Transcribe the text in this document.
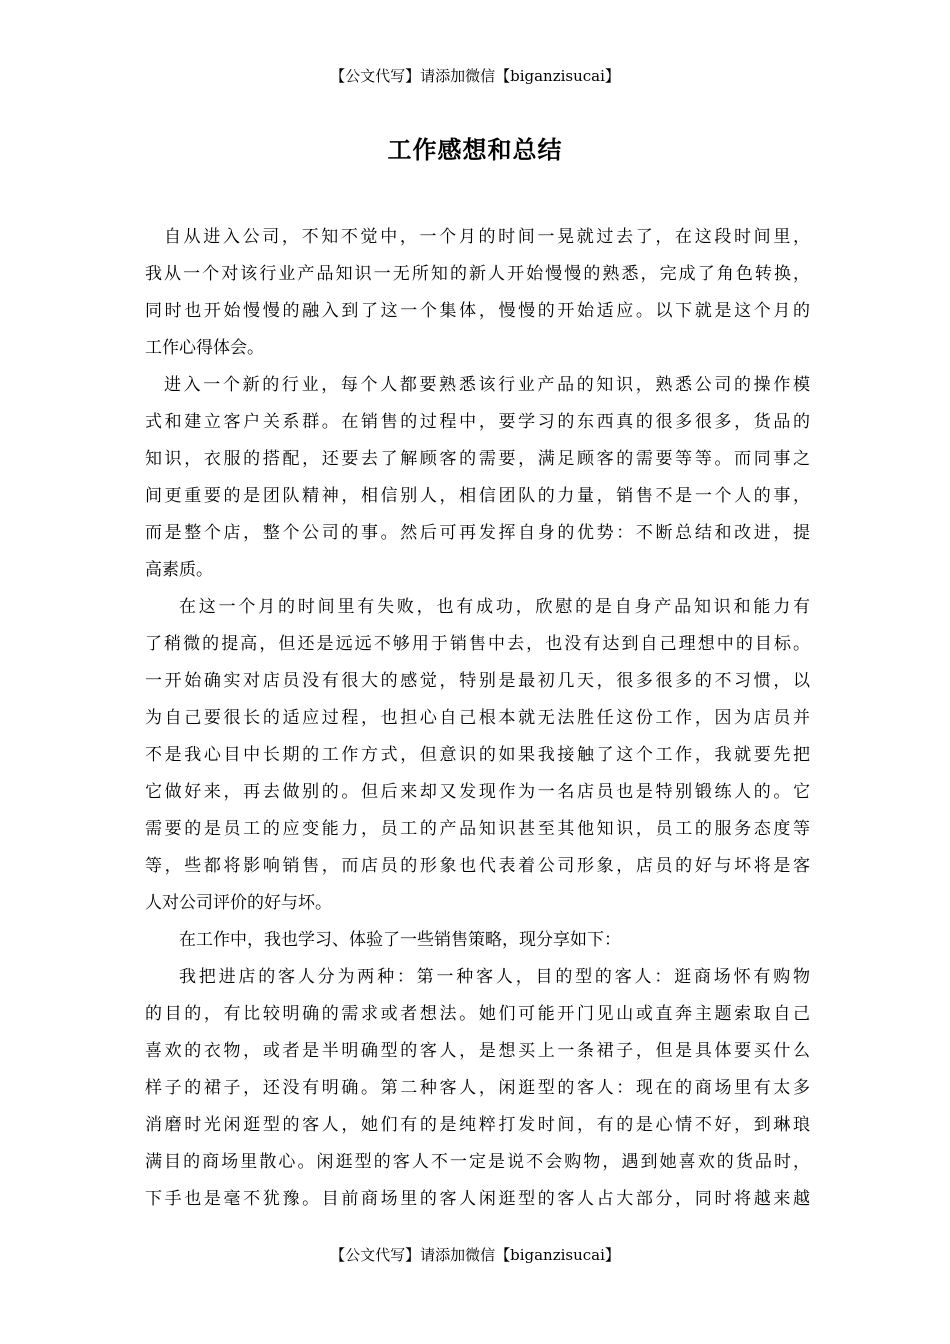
【公文代写】请添加微信【biganzisucai】
工作感想和总结
自从进入公司，不知不觉中，一个月的时间一晃就过去了，在这段时间里，
我从一个对该行业产品知识一无所知的新人开始慢慢的熟悉，完成了角色转换，
同时也开始慢慢的融入到了这一个集体，慢慢的开始适应。以下就是这个月的
工作心得体会。
进入一个新的行业，每个人都要熟悉该行业产品的知识，熟悉公司的操作模
式和建立客户关系群。在销售的过程中，要学习的东西真的很多很多，货品的
知识，衣服的搭配，还要去了解顾客的需要，满足顾客的需要等等。而同事之
间更重要的是团队精神，相信别人，相信团队的力量，销售不是一个人的事，
而是整个店，整个公司的事。然后可再发挥自身的优势：不断总结和改进，提
高素质。
在这一个月的时间里有失败，也有成功，欣慰的是自身产品知识和能力有
了稍微的提高，但还是远远不够用于销售中去，也没有达到自己理想中的目标。
一开始确实对店员没有很大的感觉，特别是最初几天，很多很多的不习惯，以
为自己要很长的适应过程，也担心自己根本就无法胜任这份工作，因为店员并
不是我心目中长期的工作方式，但意识的如果我接触了这个工作，我就要先把
它做好来，再去做别的。但后来却又发现作为一名店员也是特别锻练人的。它
需要的是员工的应变能力，员工的产品知识甚至其他知识，员工的服务态度等
等，些都将影响销售，而店员的形象也代表着公司形象，店员的好与坏将是客
人对公司评价的好与坏。
在工作中，我也学习、体验了一些销售策略，现分享如下：
我把进店的客人分为两种：第一种客人，目的型的客人：逛商场怀有购物
的目的，有比较明确的需求或者想法。她们可能开门见山或直奔主题索取自己
喜欢的衣物，或者是半明确型的客人，是想买上一条裙子，但是具体要买什么
样子的裙子，还没有明确。第二种客人，闲逛型的客人：现在的商场里有太多
消磨时光闲逛型的客人，她们有的是纯粹打发时间，有的是心情不好，到琳琅
满目的商场里散心。闲逛型的客人不一定是说不会购物，遇到她喜欢的货品时，
下手也是毫不犹豫。目前商场里的客人闲逛型的客人占大部分，同时将越来越
【公文代写】请添加微信【biganzisucai】
